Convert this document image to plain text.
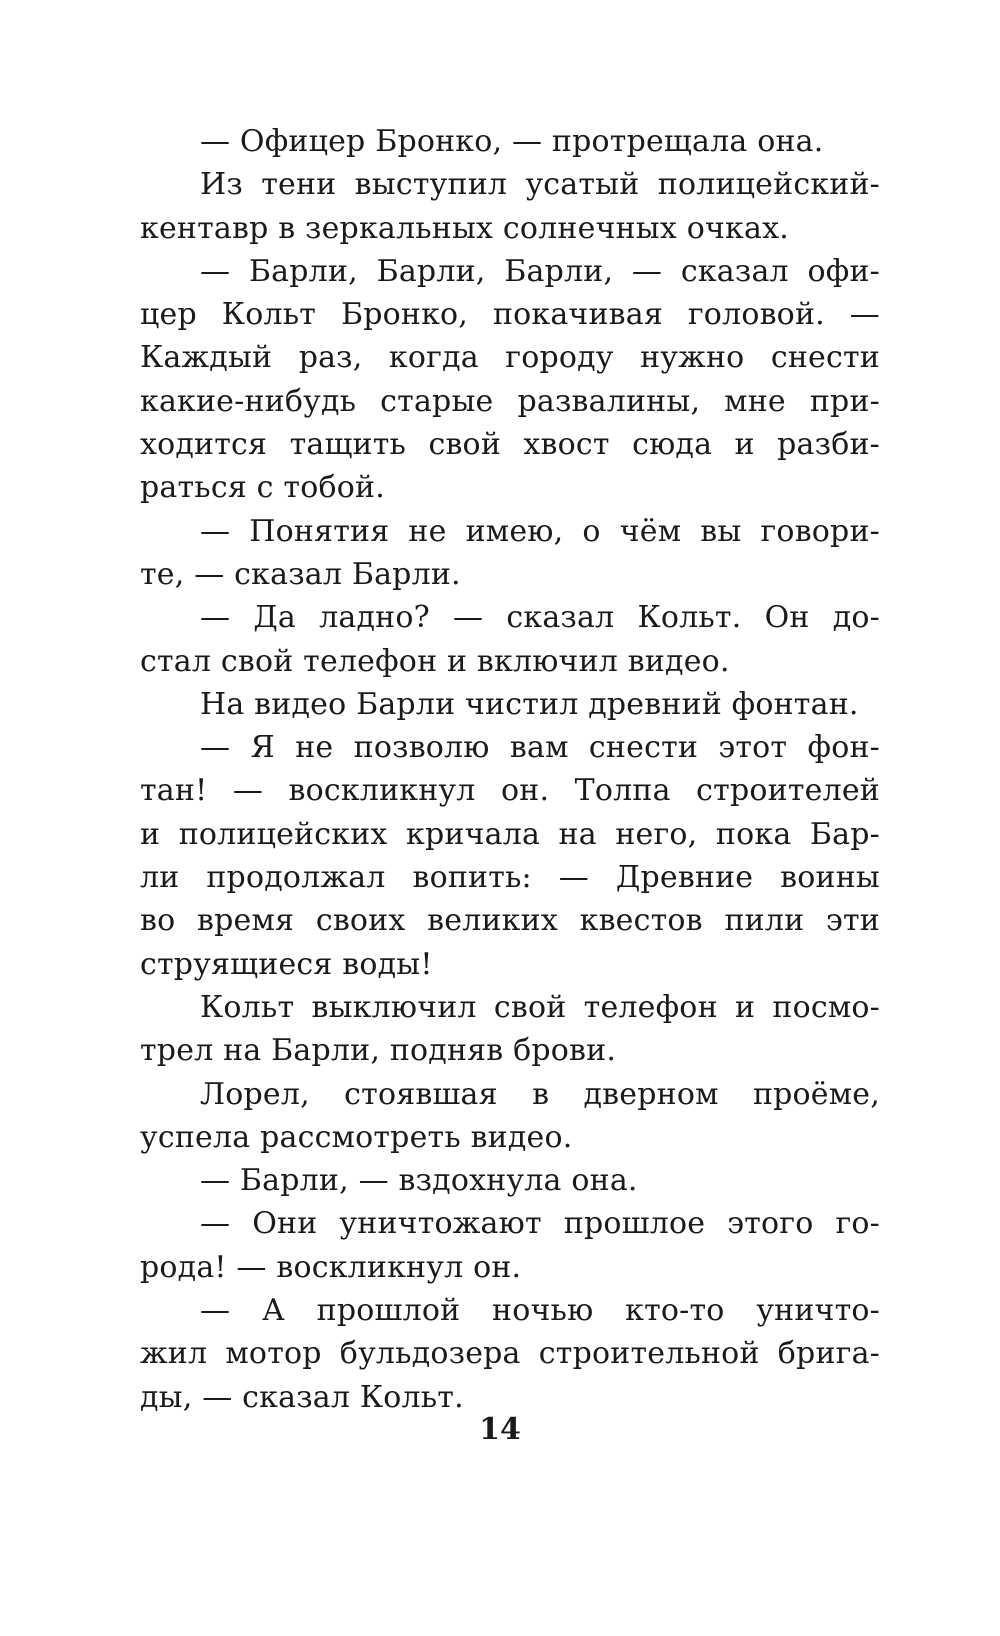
— Офицер Бронко, — протрещала она.
Из тени выступил усатый полицейский-
кентавр в зеркальных солнечных очках.
— Барли, Барли, Барли, — сказал офи-
цер Кольт Бронко, покачивая головой. —
Каждый раз, когда городу нужно снести
какие-нибудь старые развалины, мне при-
ходится тащить свой хвост сюда и разби-
раться с тобой.
— Понятия не имею, о чём вы говори-
те, — сказал Барли.
— Да ладно? — сказал Кольт. Он до-
стал свой телефон и включил видео.
На видео Барли чистил древний фонтан.
— Я не позволю вам снести этот фон-
тан! — воскликнул он. Толпа строителей
и полицейских кричала на него, пока Бар-
ли продолжал вопить: — Древние воины
во время своих великих квестов пили эти
струящиеся воды!
Кольт выключил свой телефон и посмо-
трел на Барли, подняв брови.
Лорел, стоявшая в дверном проёме,
успела рассмотреть видео.
— Барли, — вздохнула она.
— Они уничтожают прошлое этого го-
рода! — воскликнул он.
— А прошлой ночью кто-то уничто-
жил мотор бульдозера строительной брига-
ды, — сказал Кольт.
14
